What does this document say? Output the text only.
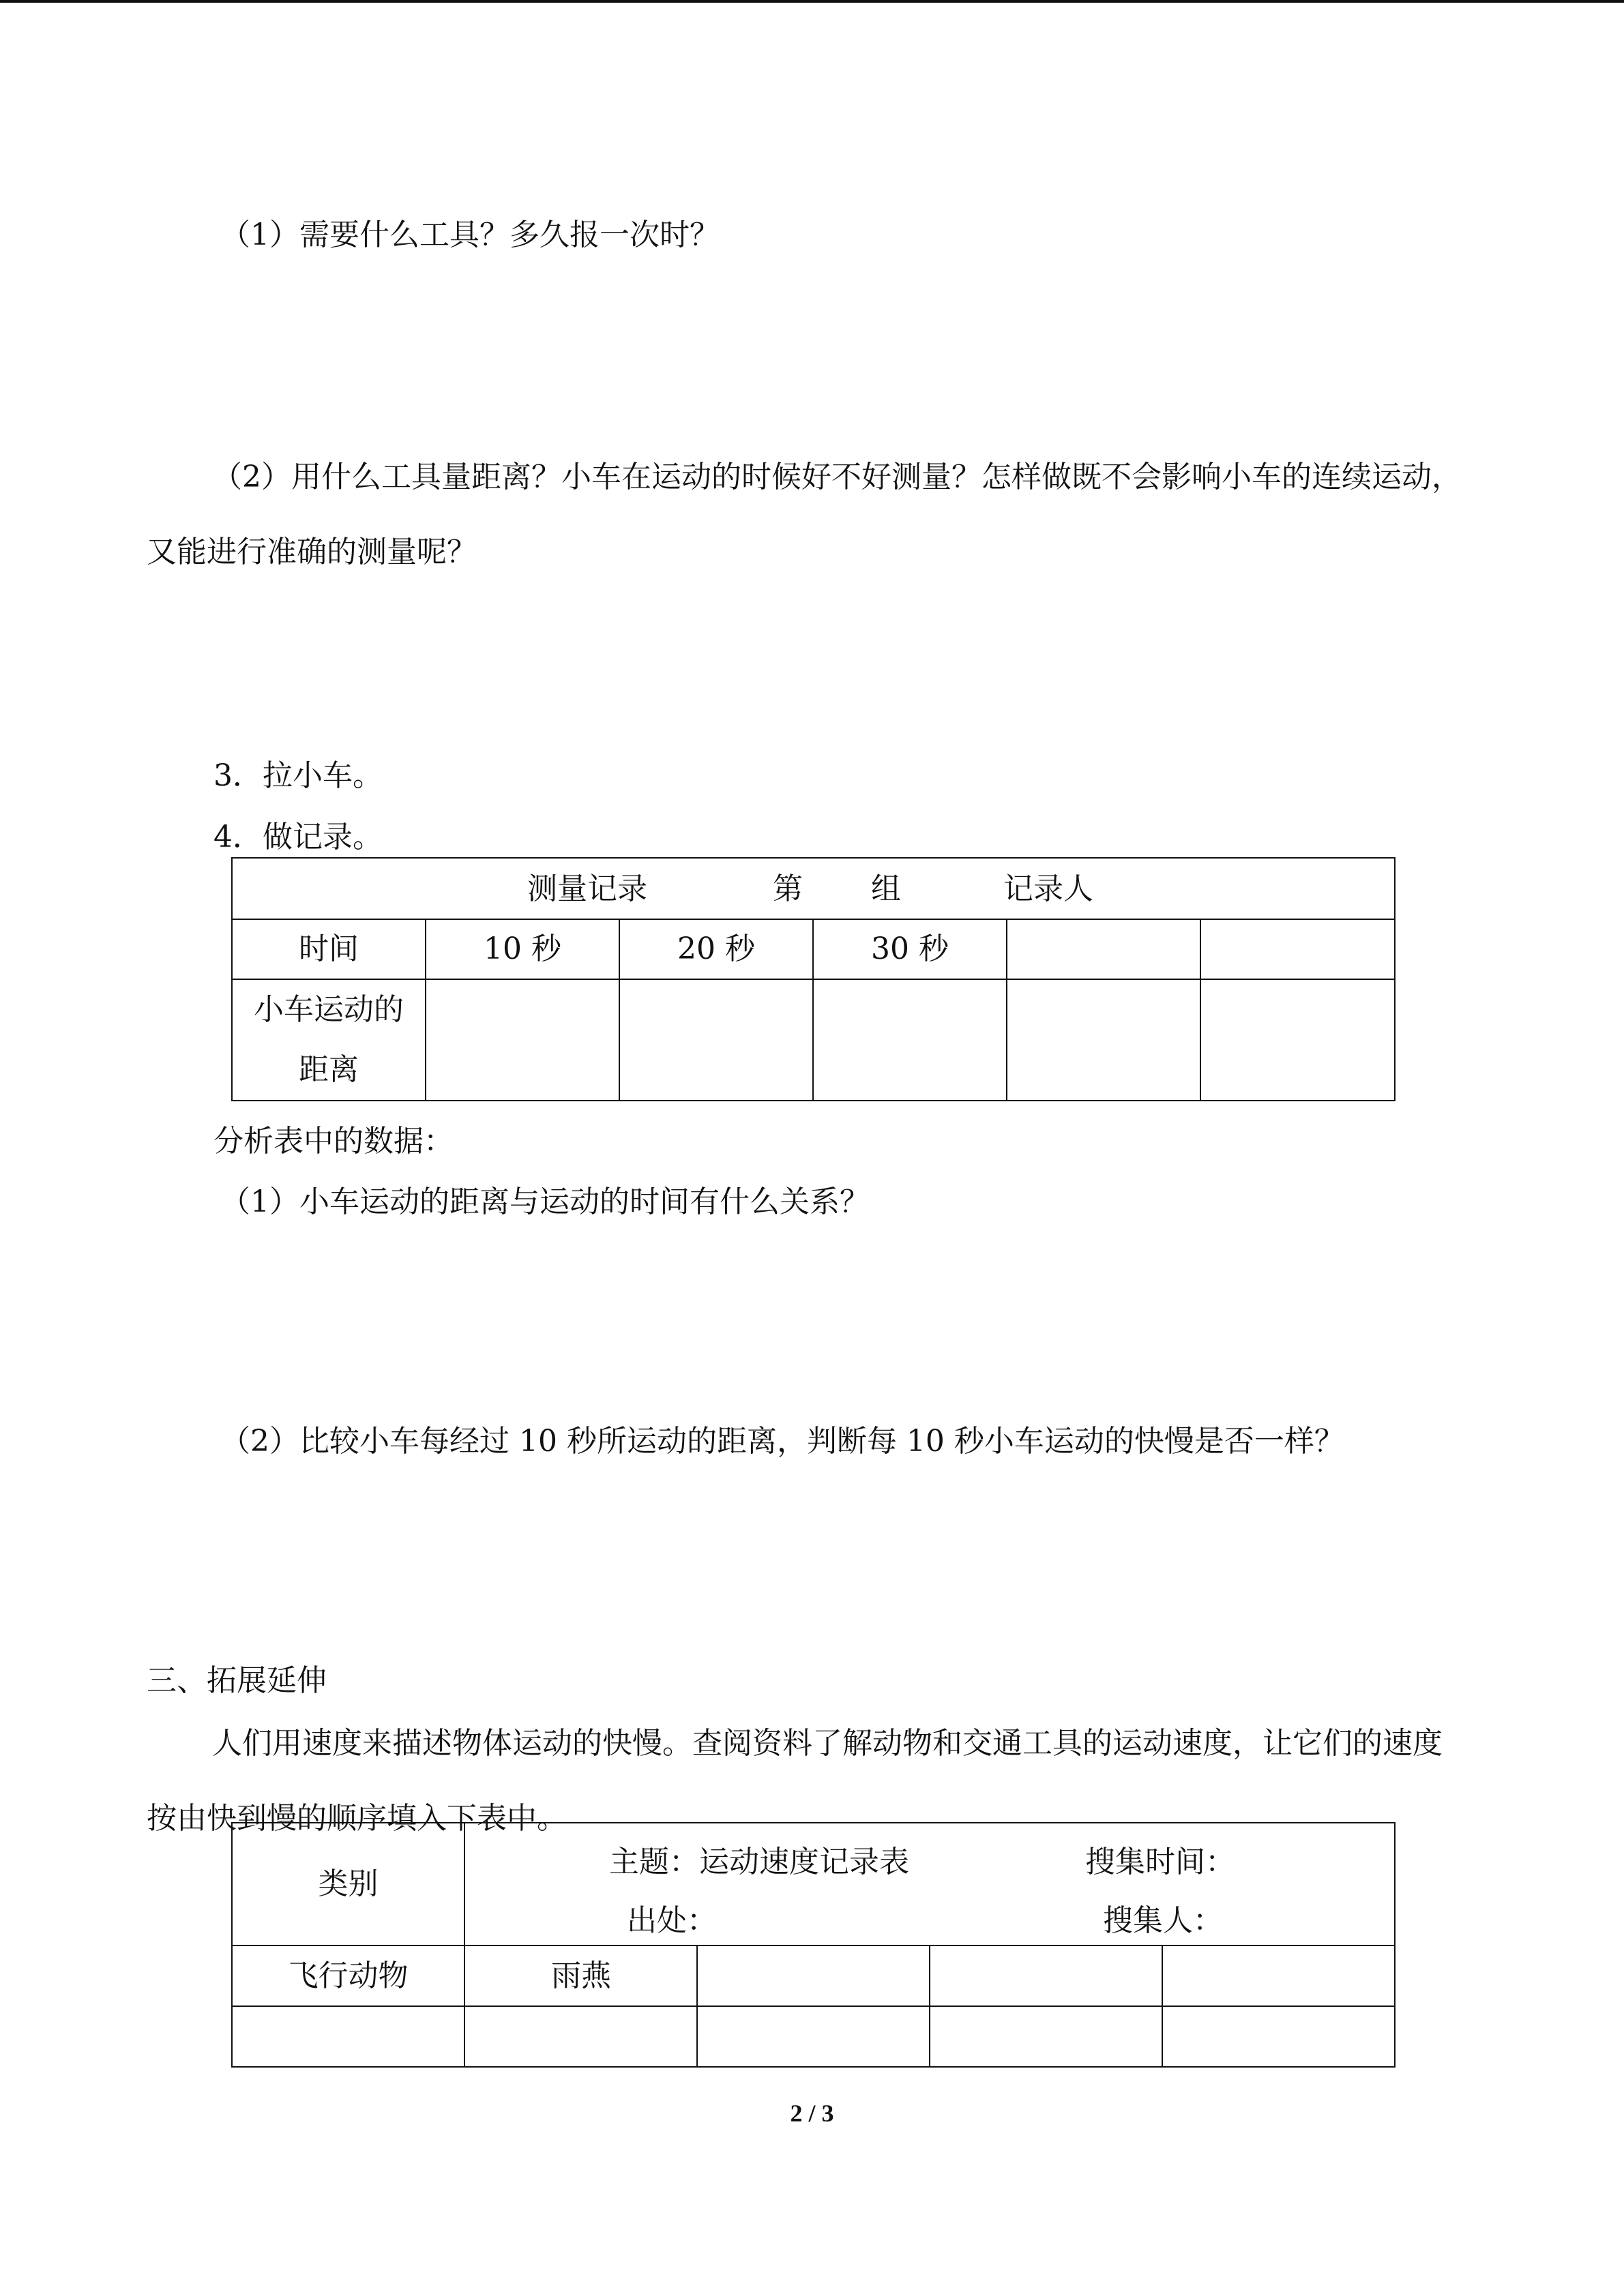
（1）需要什么工具？多久报一次时？
（2）用什么工具量距离？小车在运动的时候好不好测量？怎样做既不会影响小车的连续运动，又能进行准确的测量呢？
3．拉小车。
4．做记录。
测量记录 第 组 记录人					

时间	10 秒	20 秒	30 秒		

小车运动的
距离					

分析表中的数据：
（1）小车运动的距离与运动的时间有什么关系？
（2）比较小车每经过 10 秒所运动的距离，判断每 10 秒小车运动的快慢是否一样？
三、拓展延伸
人们用速度来描述物体运动的快慢。查阅资料了解动物和交通工具的运动速度，让它们的速度按由快到慢的顺序填入下表中。
类别	主题：运动速度记录表 搜集时间：
出处： 搜集人：			

飞行动物	雨燕			

2 / 3
